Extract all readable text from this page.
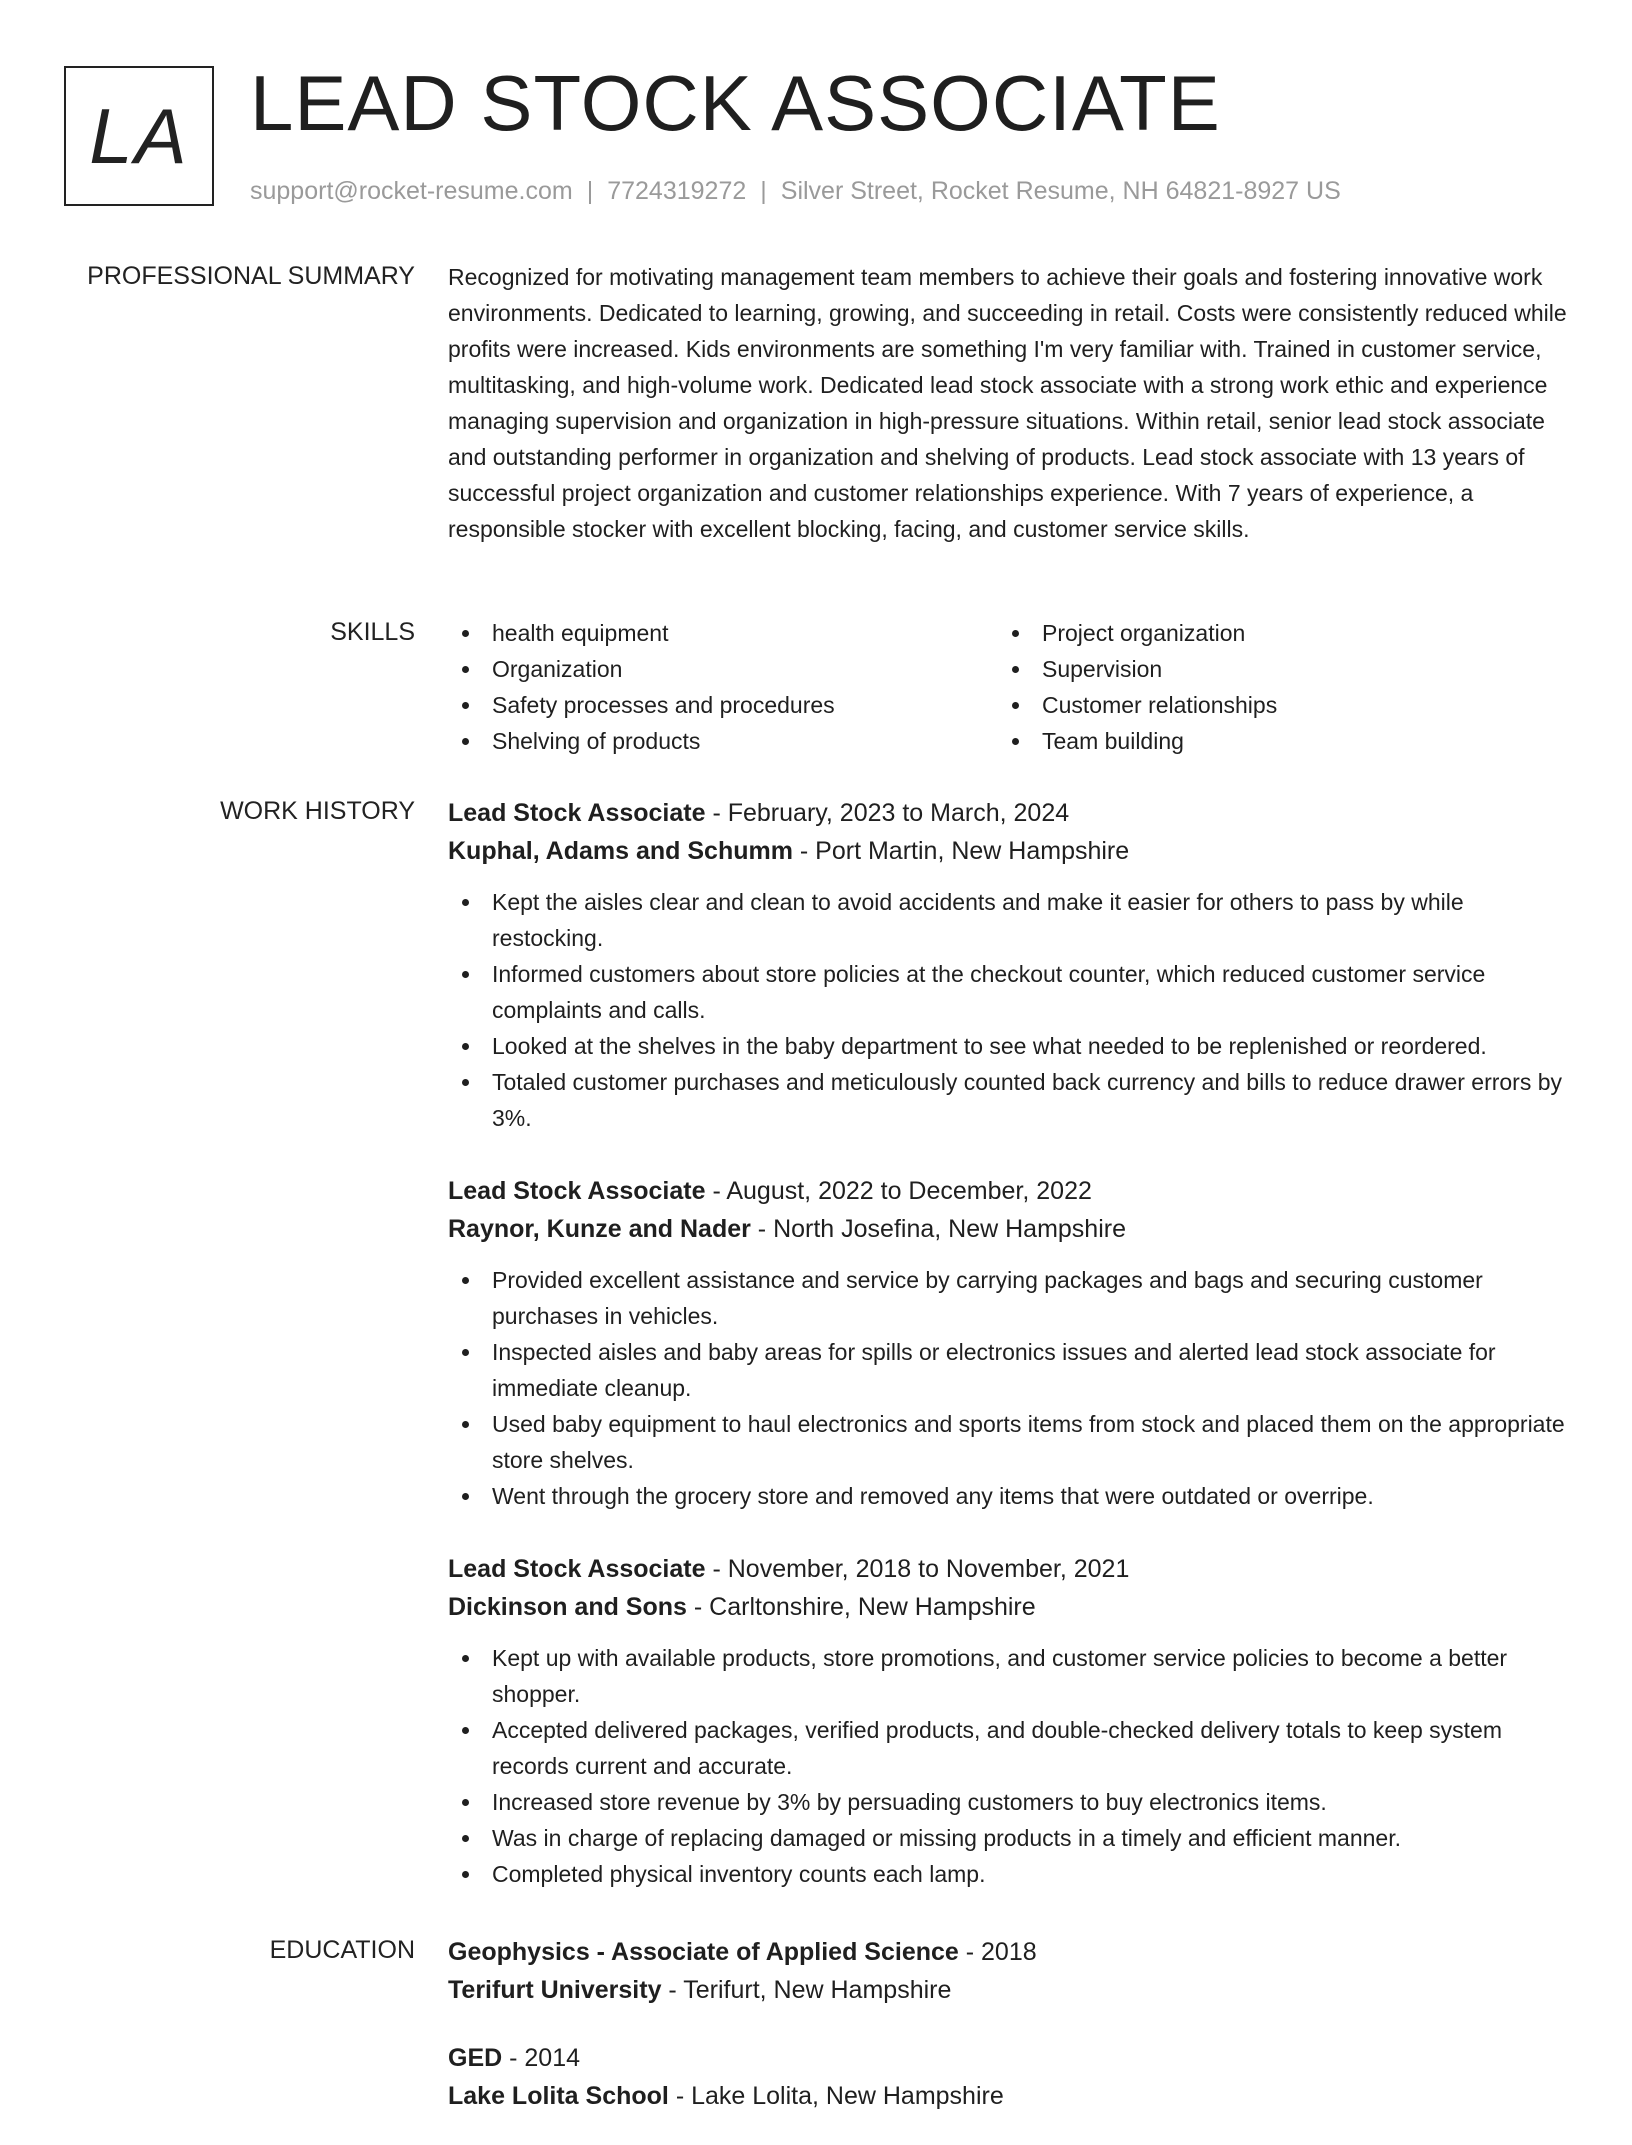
LA LEAD STOCK ASSOCIATE
support@rocket-resume.com | 7724319272 | Silver Street, Rocket Resume, NH 64821-8927 US
PROFESSIONAL SUMMARY Recognized for motivating management team members to achieve their goals and fostering innovative work environments. Dedicated to learning, growing, and succeeding in retail. Costs were consistently reduced while profits were increased. Kids environments are something I'm very familiar with. Trained in customer service, multitasking, and high-volume work. Dedicated lead stock associate with a strong work ethic and experience managing supervision and organization in high-pressure situations. Within retail, senior lead stock associate and outstanding performer in organization and shelving of products. Lead stock associate with 13 years of successful project organization and customer relationships experience. With 7 years of experience, a responsible stocker with excellent blocking, facing, and customer service skills.

SKILLS	health equipment	Project organization
Organization	Supervision
Safety processes and procedures	Customer relationships
Shelving of products	Team building
WORK HISTORY Lead Stock Associate - February, 2023 to March, 2024
Kuphal, Adams and Schumm - Port Martin, New Hampshire
Kept the aisles clear and clean to avoid accidents and make it easier for others to pass by while restocking.
Informed customers about store policies at the checkout counter, which reduced customer service complaints and calls.
Looked at the shelves in the baby department to see what needed to be replenished or reordered.
Totaled customer purchases and meticulously counted back currency and bills to reduce drawer errors by 3%.
Lead Stock Associate - August, 2022 to December, 2022
Raynor, Kunze and Nader - North Josefina, New Hampshire
Provided excellent assistance and service by carrying packages and bags and securing customer purchases in vehicles.
Inspected aisles and baby areas for spills or electronics issues and alerted lead stock associate for immediate cleanup.
Used baby equipment to haul electronics and sports items from stock and placed them on the appropriate store shelves.
Went through the grocery store and removed any items that were outdated or overripe.
Lead Stock Associate - November, 2018 to November, 2021
Dickinson and Sons - Carltonshire, New Hampshire
Kept up with available products, store promotions, and customer service policies to become a better shopper.
Accepted delivered packages, verified products, and double-checked delivery totals to keep system records current and accurate.
Increased store revenue by 3% by persuading customers to buy electronics items.
Was in charge of replacing damaged or missing products in a timely and efficient manner.
Completed physical inventory counts each lamp.
EDUCATION Geophysics - Associate of Applied Science - 2018
Terifurt University - Terifurt, New Hampshire
GED - 2014
Lake Lolita School - Lake Lolita, New Hampshire
